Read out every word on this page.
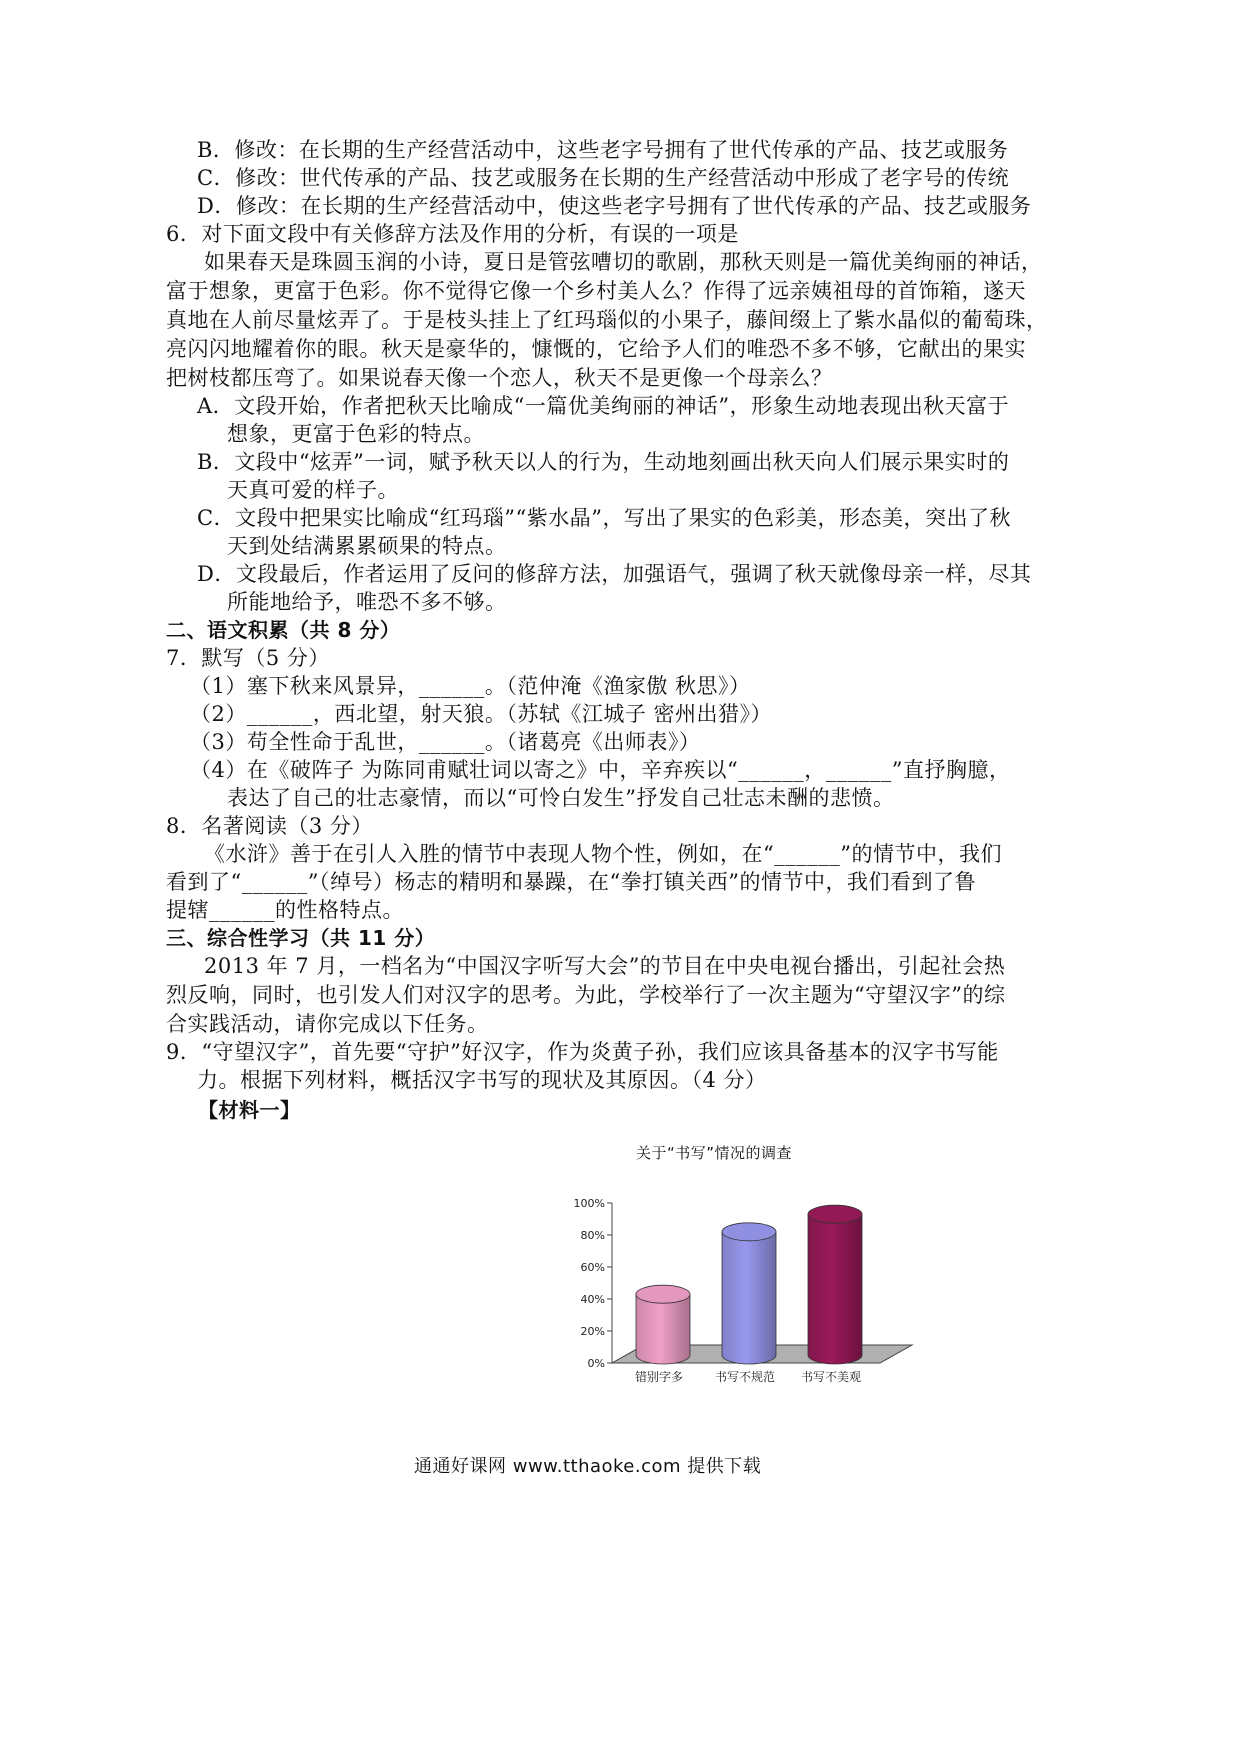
B．修改：在长期的生产经营活动中，这些老字号拥有了世代传承的产品、技艺或服务
C．修改：世代传承的产品、技艺或服务在长期的生产经营活动中形成了老字号的传统
D．修改：在长期的生产经营活动中，使这些老字号拥有了世代传承的产品、技艺或服务
6．对下面文段中有关修辞方法及作用的分析，有误的一项是
如果春天是珠圆玉润的小诗，夏日是管弦嘈切的歌剧，那秋天则是一篇优美绚丽的神话，
富于想象，更富于色彩。你不觉得它像一个乡村美人么？作得了远亲姨祖母的首饰箱，遂天
真地在人前尽量炫弄了。于是枝头挂上了红玛瑙似的小果子，藤间缀上了紫水晶似的葡萄珠，
亮闪闪地耀着你的眼。秋天是豪华的，慷慨的，它给予人们的唯恐不多不够，它献出的果实
把树枝都压弯了。如果说春天像一个恋人，秋天不是更像一个母亲么？
A．文段开始，作者把秋天比喻成“一篇优美绚丽的神话”，形象生动地表现出秋天富于
想象，更富于色彩的特点。
B．文段中“炫弄”一词，赋予秋天以人的行为，生动地刻画出秋天向人们展示果实时的
天真可爱的样子。
C．文段中把果实比喻成“红玛瑙”“紫水晶”，写出了果实的色彩美，形态美，突出了秋
天到处结满累累硕果的特点。
D．文段最后，作者运用了反问的修辞方法，加强语气，强调了秋天就像母亲一样，尽其
所能地给予，唯恐不多不够。
二、语文积累（共 8 分）
7．默写（5 分）
（1）塞下秋来风景异，______。（范仲淹《渔家傲 秋思》）
（2）______，西北望，射天狼。（苏轼《江城子 密州出猎》）
（3）苟全性命于乱世，______。（诸葛亮《出师表》）
（4）在《破阵子 为陈同甫赋壮词以寄之》中，辛弃疾以“______，______”直抒胸臆，
表达了自己的壮志豪情，而以“可怜白发生”抒发自己壮志未酬的悲愤。
8．名著阅读（3 分）
《水浒》善于在引人入胜的情节中表现人物个性，例如，在“______”的情节中，我们
看到了“______”（绰号）杨志的精明和暴躁，在“拳打镇关西”的情节中，我们看到了鲁
提辖______的性格特点。
三、综合性学习（共 11 分）
2013 年 7 月，一档名为“中国汉字听写大会”的节目在中央电视台播出，引起社会热
烈反响，同时，也引发人们对汉字的思考。为此，学校举行了一次主题为“守望汉字”的综
合实践活动，请你完成以下任务。
9．“守望汉字”，首先要“守护”好汉字，作为炎黄子孙，我们应该具备基本的汉字书写能
力。根据下列材料，概括汉字书写的现状及其原因。（4 分）
【材料一】
关于“书写”情况的调查
0%
20%
40%
60%
80%
100%
错别字多	书写不规范 书写不美观
通通好课网 www.tthaoke.com 提供下载
